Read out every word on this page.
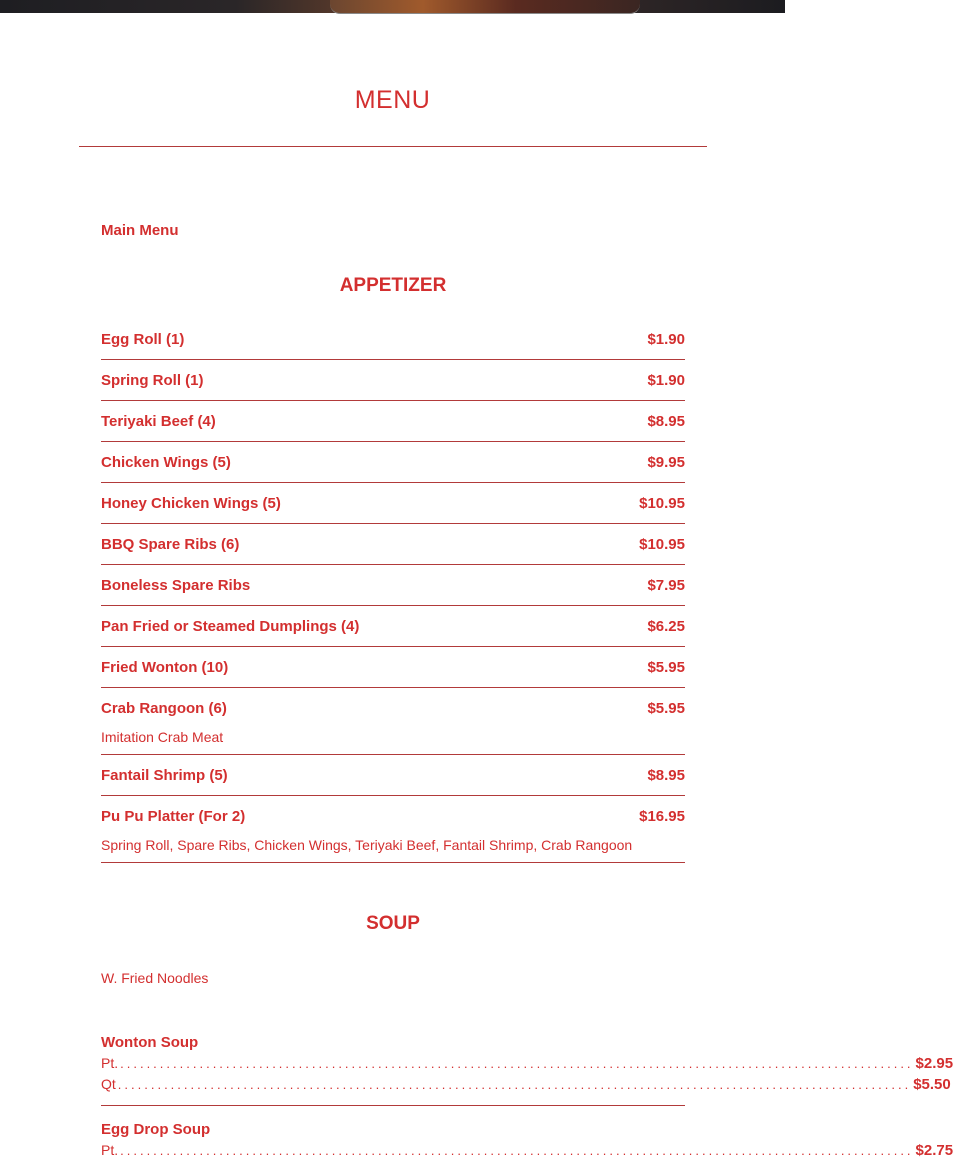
MENU
Main Menu
APPETIZER
Egg Roll (1)	$1.90
Spring Roll (1)	$1.90
Teriyaki Beef (4)	$8.95
Chicken Wings (5)	$9.95
Honey Chicken Wings (5)	$10.95
BBQ Spare Ribs (6)	$10.95
Boneless Spare Ribs	$7.95
Pan Fried or Steamed Dumplings (4)	$6.25
Fried Wonton (10)	$5.95
Crab Rangoon (6)	$5.95
Imitation Crab Meat
Fantail Shrimp (5)	$8.95
Pu Pu Platter (For 2)	$16.95
Spring Roll, Spare Ribs, Chicken Wings, Teriyaki Beef, Fantail Shrimp, Crab Rangoon
SOUP
W. Fried Noodles
Wonton Soup
Pt. ........................................................................................................................ $2.95
Qt ........................................................................................................................ $5.50
Egg Drop Soup
Pt. ........................................................................................................................ $2.75
